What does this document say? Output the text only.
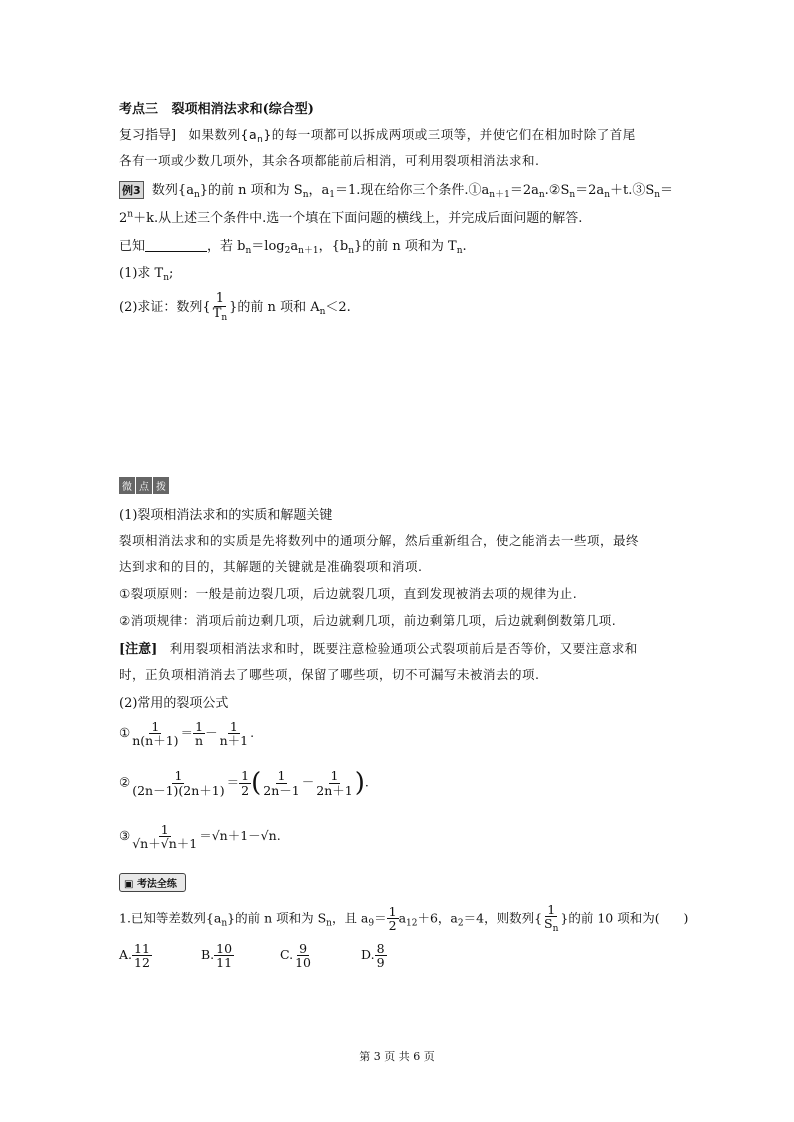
考点三 裂项相消法求和(综合型)
复习指导] 如果数列$\{a_n\}$的每一项都可以拆成两项或三项等，并使它们在相加时除了首尾
各有一项或少数几项外，其余各项都能前后相消，可利用裂项相消法求和.
例3 数列$\{a_n\}$的前 n 项和为 $S_n$，$a_1=1$.现在给你三个条件$.①a_{n+1}=2a_n.②S_n=2a_n+t.③S_n=$
$2^n+k$.从上述三个条件中.选一个填在下面问题的横线上，并完成后面问题的解答.
已知	，若 $b_n=\log_2a_{n+1}$，$\{b_n\}$的前 n 项和为 $T_n$.
(1)求 $T_n$;
(2)求证：数列{ $\frac{1}{T_n}$ }的前 n 项和 $A_n<2$.
微 点 拨
(1)裂项相消法求和的实质和解题关键
裂项相消法求和的实质是先将数列中的通项分解，然后重新组合，使之能消去一些项，最终
达到求和的目的，其解题的关键就是准确裂项和消项.
①裂项原则：一般是前边裂几项，后边就裂几项，直到发现被消去项的规律为止.
②消项规律：消项后前边剩几项，后边就剩几项，前边剩第几项，后边就剩倒数第几项.
[注意] 利用裂项相消法求和时，既要注意检验通项公式裂项前后是否等价，又要注意求和
时，正负项相消消去了哪些项，保留了哪些项，切不可漏写未被消去的项.
(2)常用的裂项公式
① $\frac{1}{n(n+1)} = \frac{1}{n} - \frac{1}{n+1}$ .
② $\frac{1}{(2n-1)(2n+1)} = \frac{1}{2}$ ( $\frac{1}{2n-1} - \frac{1}{2n+1}$ ).
③ $\frac{1}{√n+√n+1} =√n+1-√n$.
▣ 考法全练
1.已知等差数列$\{a_n\}$的前 n 项和为 $S_n$，且 $a_9= \frac{1}{2} a_{12}+6$，$a_2=4$，则数列{ $\frac{1}{S_n}$ }的前 10 项和为( )
A. $\frac{11}{12}$	B. $\frac{10}{11}$	C. $\frac{9}{10}$	D. $\frac{8}{9}$
第 3 页 共 6 页
